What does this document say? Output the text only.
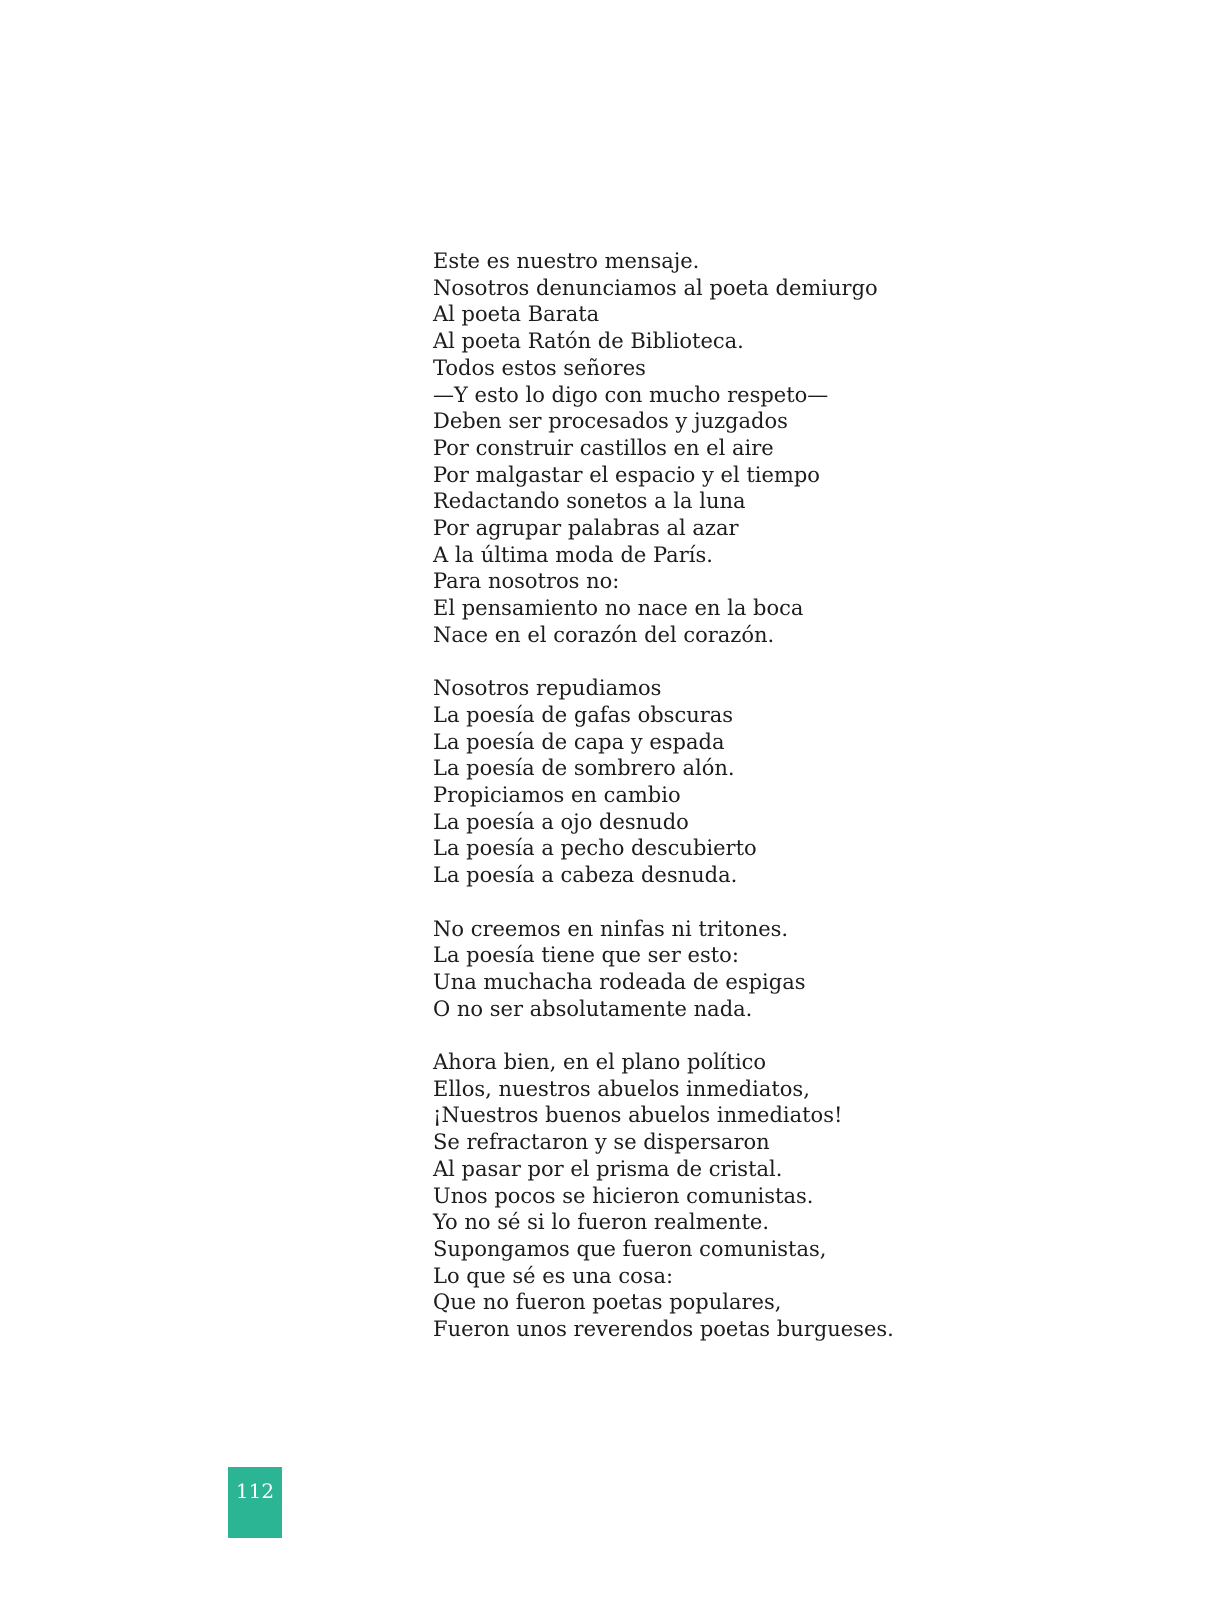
Este es nuestro mensaje.
Nosotros denunciamos al poeta demiurgo
Al poeta Barata
Al poeta Ratón de Biblioteca.
Todos estos señores
—Y esto lo digo con mucho respeto—
Deben ser procesados y juzgados
Por construir castillos en el aire
Por malgastar el espacio y el tiempo
Redactando sonetos a la luna
Por agrupar palabras al azar
A la última moda de París.
Para nosotros no:
El pensamiento no nace en la boca
Nace en el corazón del corazón.
Nosotros repudiamos
La poesía de gafas obscuras
La poesía de capa y espada
La poesía de sombrero alón.
Propiciamos en cambio
La poesía a ojo desnudo
La poesía a pecho descubierto
La poesía a cabeza desnuda.
No creemos en ninfas ni tritones.
La poesía tiene que ser esto:
Una muchacha rodeada de espigas
O no ser absolutamente nada.
Ahora bien, en el plano político
Ellos, nuestros abuelos inmediatos,
¡Nuestros buenos abuelos inmediatos!
Se refractaron y se dispersaron
Al pasar por el prisma de cristal.
Unos pocos se hicieron comunistas.
Yo no sé si lo fueron realmente.
Supongamos que fueron comunistas,
Lo que sé es una cosa:
Que no fueron poetas populares,
Fueron unos reverendos poetas burgueses.
112
